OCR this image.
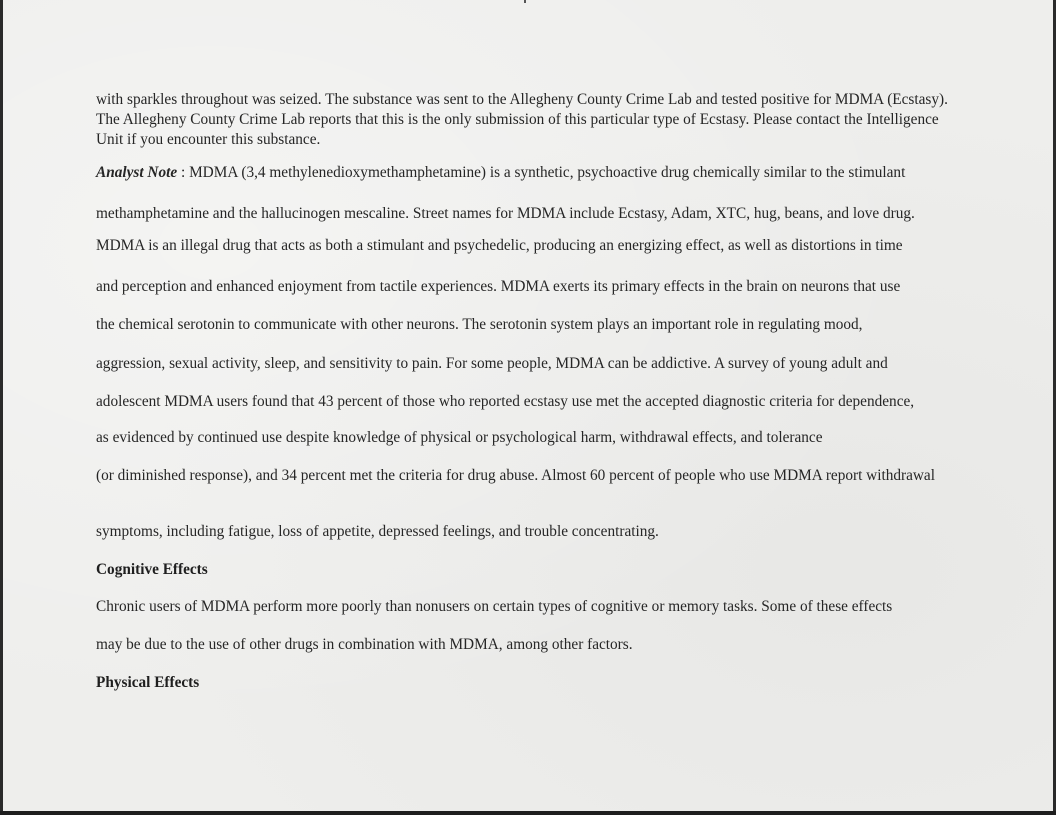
with sparkles throughout was seized. The substance was sent to the Allegheny County Crime Lab and tested positive for MDMA (Ecstasy). The Allegheny County Crime Lab reports that this is the only submission of this particular type of Ecstasy. Please contact the Intelligence Unit if you encounter this substance.
Analyst Note : MDMA (3,4 methylenedioxymethamphetamine) is a synthetic, psychoactive drug chemically similar to the stimulant
methamphetamine and the hallucinogen mescaline. Street names for MDMA include Ecstasy, Adam, XTC, hug, beans, and love drug.
MDMA is an illegal drug that acts as both a stimulant and psychedelic, producing an energizing effect, as well as distortions in time
and perception and enhanced enjoyment from tactile experiences. MDMA exerts its primary effects in the brain on neurons that use
the chemical serotonin to communicate with other neurons. The serotonin system plays an important role in regulating mood,
aggression, sexual activity, sleep, and sensitivity to pain. For some people, MDMA can be addictive. A survey of young adult and
adolescent MDMA users found that 43 percent of those who reported ecstasy use met the accepted diagnostic criteria for dependence,
as evidenced by continued use despite knowledge of physical or psychological harm, withdrawal effects, and tolerance
(or diminished response), and 34 percent met the criteria for drug abuse. Almost 60 percent of people who use MDMA report withdrawal
symptoms, including fatigue, loss of appetite, depressed feelings, and trouble concentrating.
Cognitive Effects
Chronic users of MDMA perform more poorly than nonusers on certain types of cognitive or memory tasks. Some of these effects
may be due to the use of other drugs in combination with MDMA, among other factors.
Physical Effects
